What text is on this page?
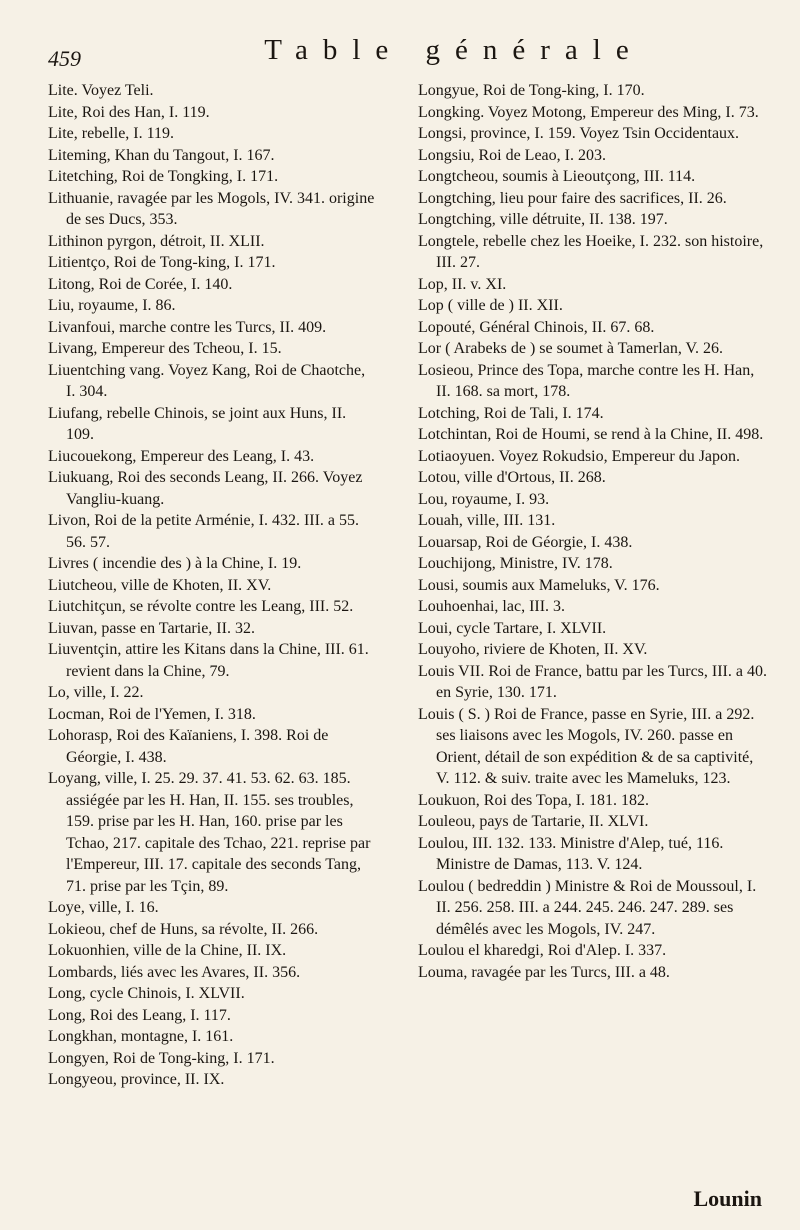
459	Table générale

Lite. Voyez Teli.

Lite, Roi des Han, I. 119.

Lite, rebelle, I. 119.

Liteming, Khan du Tangout, I. 167.

Litetching, Roi de Tongking, I. 171.

Lithuanie, ravagée par les Mogols, IV. 341. origine de ses Ducs, 353.

Lithinon pyrgon, détroit, II. XLII.

Litientço, Roi de Tong-king, I. 171.

Litong, Roi de Corée, I. 140.

Liu, royaume, I. 86.

Livanfoui, marche contre les Turcs, II. 409.

Livang, Empereur des Tcheou, I. 15.

Liuentching vang. Voyez Kang, Roi de Chaotche, I. 304.

Liufang, rebelle Chinois, se joint aux Huns, II. 109.

Liucouekong, Empereur des Leang, I. 43.

Liukuang, Roi des seconds Leang, II. 266. Voyez Vangliu-kuang.

Livon, Roi de la petite Arménie, I. 432. III. a 55. 56. 57.

Livres ( incendie des ) à la Chine, I. 19.

Liutcheou, ville de Khoten, II. XV.

Liutchitçun, se révolte contre les Leang, III. 52.

Liuvan, passe en Tartarie, II. 32.

Liuventçin, attire les Kitans dans la Chine, III. 61. revient dans la Chine, 79.

Lo, ville, I. 22.

Locman, Roi de l'Yemen, I. 318.

Lohorasp, Roi des Kaïaniens, I. 398. Roi de Géorgie, I. 438.

Loyang, ville, I. 25. 29. 37. 41. 53. 62. 63. 185. assiégée par les H. Han, II. 155. ses troubles, 159. prise par les H. Han, 160. prise par les Tchao, 217. capitale des Tchao, 221. reprise par l'Empereur, III. 17. capitale des seconds Tang, 71. prise par les Tçin, 89.

Loye, ville, I. 16.

Lokieou, chef de Huns, sa révolte, II. 266.

Lokuonhien, ville de la Chine, II. IX.

Lombards, liés avec les Avares, II. 356.

Long, cycle Chinois, I. XLVII.

Long, Roi des Leang, I. 117.

Longkhan, montagne, I. 161.

Longyen, Roi de Tong-king, I. 171.

Longyeou, province, II. IX.

Longyue, Roi de Tong-king, I. 170.

Longking. Voyez Motong, Empereur des Ming, I. 73.

Longsi, province, I. 159. Voyez Tsin Occidentaux.

Longsiu, Roi de Leao, I. 203.

Longtcheou, soumis à Lieoutçong, III. 114.

Longtching, lieu pour faire des sacrifices, II. 26.

Longtching, ville détruite, II. 138. 197.

Longtele, rebelle chez les Hoeike, I. 232. son histoire, III. 27.

Lop, II. v. XI.

Lop ( ville de ) II. XII.

Lopouté, Général Chinois, II. 67. 68.

Lor ( Arabeks de ) se soumet à Tamerlan, V. 26.

Losieou, Prince des Topa, marche contre les H. Han, II. 168. sa mort, 178.

Lotching, Roi de Tali, I. 174.

Lotchintan, Roi de Houmi, se rend à la Chine, II. 498.

Lotiaoyuen. Voyez Rokudsio, Empereur du Japon.

Lotou, ville d'Ortous, II. 268.

Lou, royaume, I. 93.

Louah, ville, III. 131.

Louarsap, Roi de Géorgie, I. 438.

Louchijong, Ministre, IV. 178.

Lousi, soumis aux Mameluks, V. 176.

Louhoenhai, lac, III. 3.

Loui, cycle Tartare, I. XLVII.

Louyoho, riviere de Khoten, II. XV.

Louis VII. Roi de France, battu par les Turcs, III. a 40. en Syrie, 130. 171.

Louis ( S. ) Roi de France, passe en Syrie, III. a 292. ses liaisons avec les Mogols, IV. 260. passe en Orient, détail de son expédition & de sa captivité, V. 112. & suiv. traite avec les Mameluks, 123.

Loukuon, Roi des Topa, I. 181. 182.

Louleou, pays de Tartarie, II. XLVI.

Loulou, III. 132. 133. Ministre d'Alep, tué, 116. Ministre de Damas, 113. V. 124.

Loulou ( bedreddin ) Ministre & Roi de Moussoul, I. II. 256. 258. III. a 244. 245. 246. 247. 289. ses démêlés avec les Mogols, IV. 247.

Loulou el kharedgi, Roi d'Alep. I. 337.

Louma, ravagée par les Turcs, III. a 48.

Lounin
